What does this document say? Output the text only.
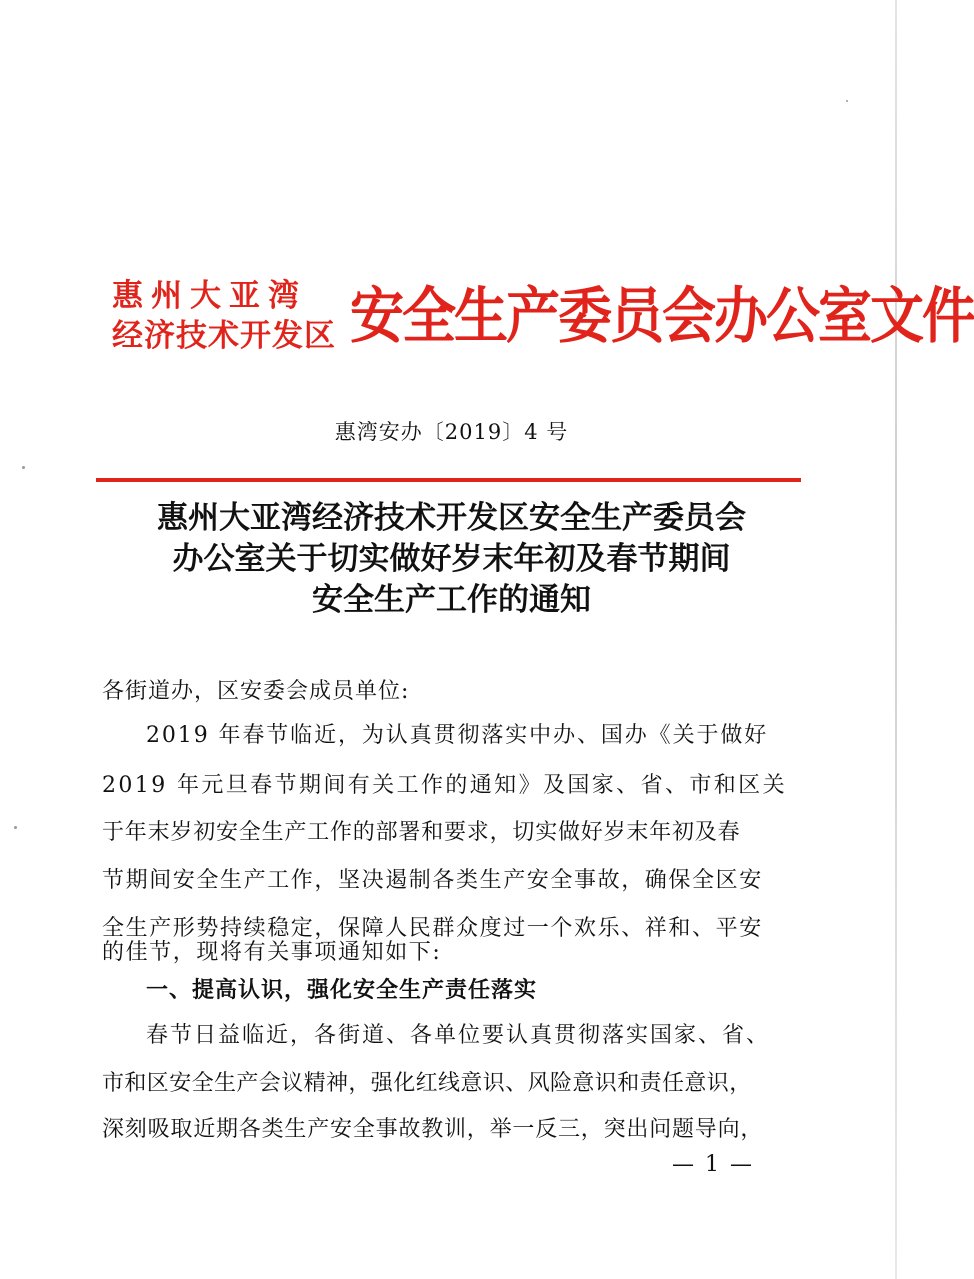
惠州大亚湾
经济技术开发区 安全生产委员会办公室文件
惠湾安办〔2019〕4 号
惠州大亚湾经济技术开发区安全生产委员会
办公室关于切实做好岁末年初及春节期间
安全生产工作的通知
各街道办，区安委会成员单位:
2019 年春节临近，为认真贯彻落实中办、国办《关于做好
2019 年元旦春节期间有关工作的通知》及国家、省、市和区关
于年末岁初安全生产工作的部署和要求，切实做好岁末年初及春
节期间安全生产工作，坚决遏制各类生产安全事故，确保全区安
全生产形势持续稳定，保障人民群众度过一个欢乐、祥和、平安
的佳节，现将有关事项通知如下:
一、提高认识，强化安全生产责任落实
春节日益临近，各街道、各单位要认真贯彻落实国家、省、
市和区安全生产会议精神，强化红线意识、风险意识和责任意识，
深刻吸取近期各类生产安全事故教训，举一反三，突出问题导向，
— 1 —
